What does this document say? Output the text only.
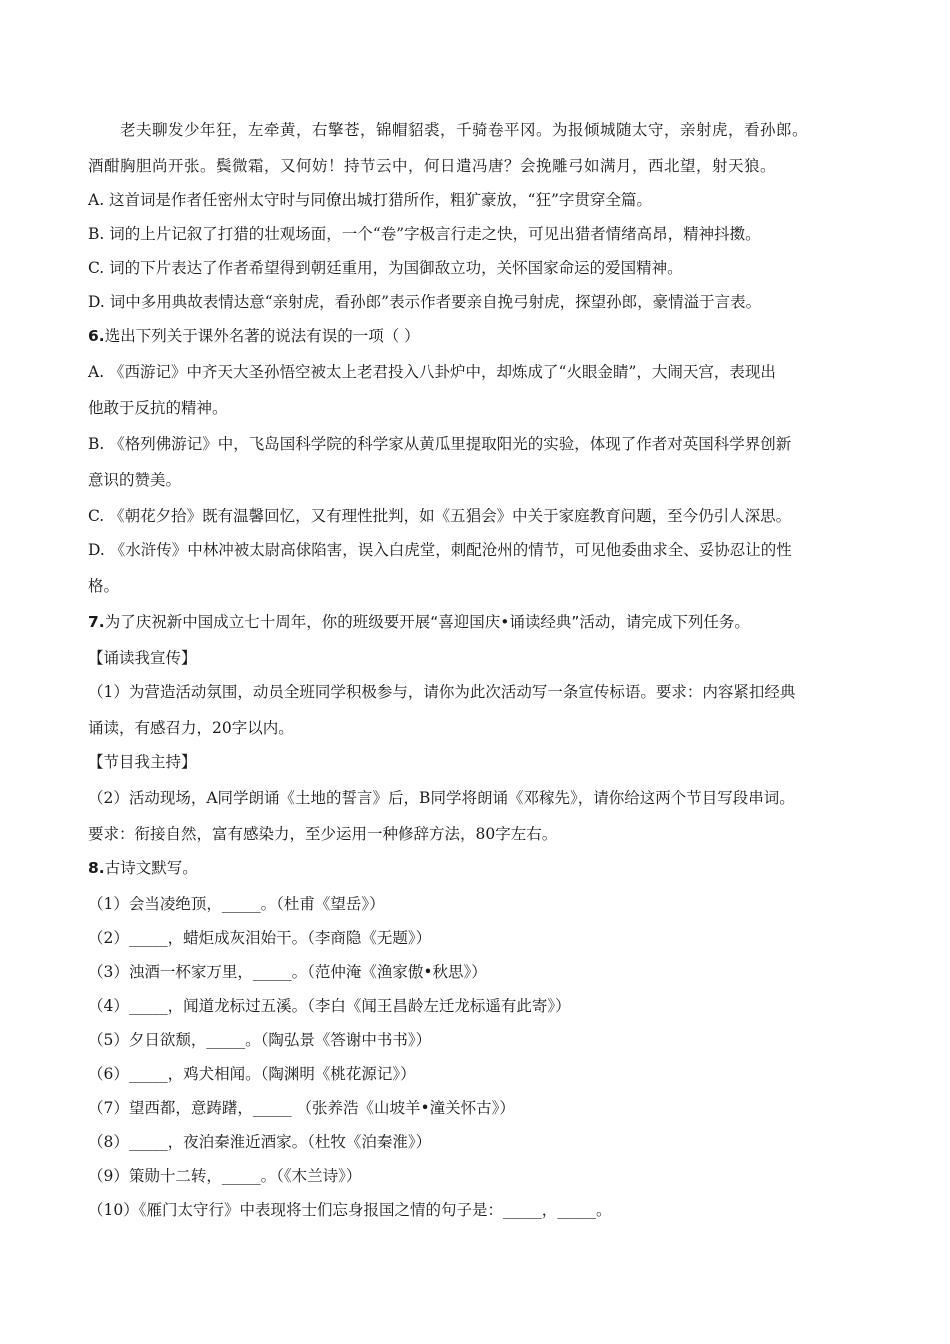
老夫聊发少年狂，左牵黄，右擎苍，锦帽貂裘，千骑卷平冈。为报倾城随太守，亲射虎，看孙郎。
酒酣胸胆尚开张。鬓微霜，又何妨！持节云中，何日遣冯唐？会挽雕弓如满月，西北望，射天狼。
A. 这首词是作者任密州太守时与同僚出城打猎所作，粗犷豪放，“狂”字贯穿全篇。
B. 词的上片记叙了打猎的壮观场面，一个“卷”字极言行走之快，可见出猎者情绪高昂，精神抖擞。
C. 词的下片表达了作者希望得到朝廷重用，为国御敌立功，关怀国家命运的爱国精神。
D. 词中多用典故表情达意“亲射虎，看孙郎”表示作者要亲自挽弓射虎，探望孙郎，豪情溢于言表。
6.选出下列关于课外名著的说法有误的一项（ ）
A. 《西游记》中齐天大圣孙悟空被太上老君投入八卦炉中，却炼成了“火眼金睛”，大闹天宫，表现出
他敢于反抗的精神。
B. 《格列佛游记》中，飞岛国科学院的科学家从黄瓜里提取阳光的实验，体现了作者对英国科学界创新
意识的赞美。
C. 《朝花夕拾》既有温馨回忆，又有理性批判，如《五猖会》中关于家庭教育问题，至今仍引人深思。
D. 《水浒传》中林冲被太尉高俅陷害，误入白虎堂，刺配沧州的情节，可见他委曲求全、妥协忍让的性
格。
7.为了庆祝新中国成立七十周年，你的班级要开展“喜迎国庆•诵读经典”活动，请完成下列任务。
【诵读我宣传】
（1）为营造活动氛围，动员全班同学积极参与，请你为此次活动写一条宣传标语。要求：内容紧扣经典
诵读，有感召力，20字以内。
【节目我主持】
（2）活动现场，A同学朗诵《土地的誓言》后，B同学将朗诵《邓稼先》，请你给这两个节目写段串词。
要求：衔接自然，富有感染力，至少运用一种修辞方法，80字左右。
8.古诗文默写。
（1）会当凌绝顶，_____。（杜甫《望岳》）
（2）_____，蜡炬成灰泪始干。（李商隐《无题》）
（3）浊酒一杯家万里，_____。（范仲淹《渔家傲•秋思》）
（4）_____，闻道龙标过五溪。（李白《闻王昌龄左迁龙标遥有此寄》）
（5）夕日欲颓，_____。（陶弘景《答谢中书书》）
（6）_____，鸡犬相闻。（陶渊明《桃花源记》）
（7）望西都，意踌躇，_____ （张养浩《山坡羊•潼关怀古》）
（8）_____，夜泊秦淮近酒家。（杜牧《泊秦淮》）
（9）策勋十二转，_____。（《木兰诗》）
（10）《雁门太守行》中表现将士们忘身报国之情的句子是：_____，_____。
